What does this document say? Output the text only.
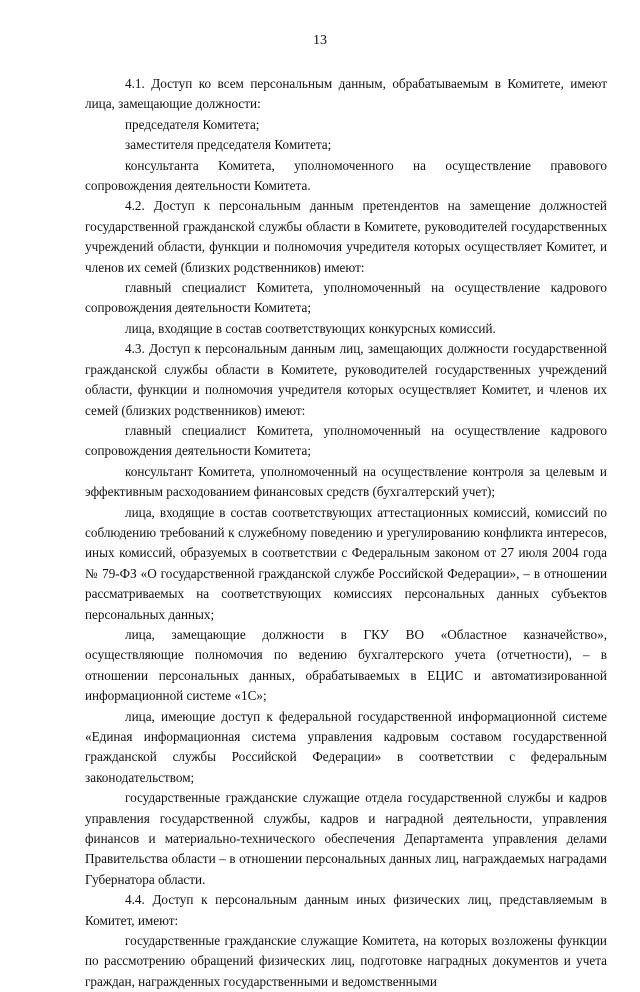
13

4.1. Доступ ко всем персональным данным, обрабатываемым в Комитете, имеют лица, замещающие должности:

председателя Комитета;

заместителя председателя Комитета;

консультанта Комитета, уполномоченного на осуществление правового сопровождения деятельности Комитета.

4.2. Доступ к персональным данным претендентов на замещение должностей государственной гражданской службы области в Комитете, руководителей государственных учреждений области, функции и полномочия учредителя которых осуществляет Комитет, и членов их семей (близких родственников) имеют:

главный специалист Комитета, уполномоченный на осуществление кадрового сопровождения деятельности Комитета;

лица, входящие в состав соответствующих конкурсных комиссий.

4.3. Доступ к персональным данным лиц, замещающих должности государственной гражданской службы области в Комитете, руководителей государственных учреждений области, функции и полномочия учредителя которых осуществляет Комитет, и членов их семей (близких родственников) имеют:

главный специалист Комитета, уполномоченный на осуществление кадрового сопровождения деятельности Комитета;

консультант Комитета, уполномоченный на осуществление контроля за целевым и эффективным расходованием финансовых средств (бухгалтерский учет);

лица, входящие в состав соответствующих аттестационных комиссий, комиссий по соблюдению требований к служебному поведению и урегулированию конфликта интересов, иных комиссий, образуемых в соответствии с Федеральным законом от 27 июля 2004 года № 79-ФЗ «О государственной гражданской службе Российской Федерации», – в отношении рассматриваемых на соответствующих комиссиях персональных данных субъектов персональных данных;

лица, замещающие должности в ГКУ ВО «Областное казначейство», осуществляющие полномочия по ведению бухгалтерского учета (отчетности), – в отношении персональных данных, обрабатываемых в ЕЦИС и автоматизированной информационной системе «1С»;

лица, имеющие доступ к федеральной государственной информационной системе «Единая информационная система управления кадровым составом государственной гражданской службы Российской Федерации» в соответствии с федеральным законодательством;

государственные гражданские служащие отдела государственной службы и кадров управления государственной службы, кадров и наградной деятельности, управления финансов и материально-технического обеспечения Департамента управления делами Правительства области – в отношении персональных данных лиц, награждаемых наградами Губернатора области.

4.4. Доступ к персональным данным иных физических лиц, представляемым в Комитет, имеют:

государственные гражданские служащие Комитета, на которых возложены функции по рассмотрению обращений физических лиц, подготовке наградных документов и учета граждан, награжденных государственными и ведомственными
